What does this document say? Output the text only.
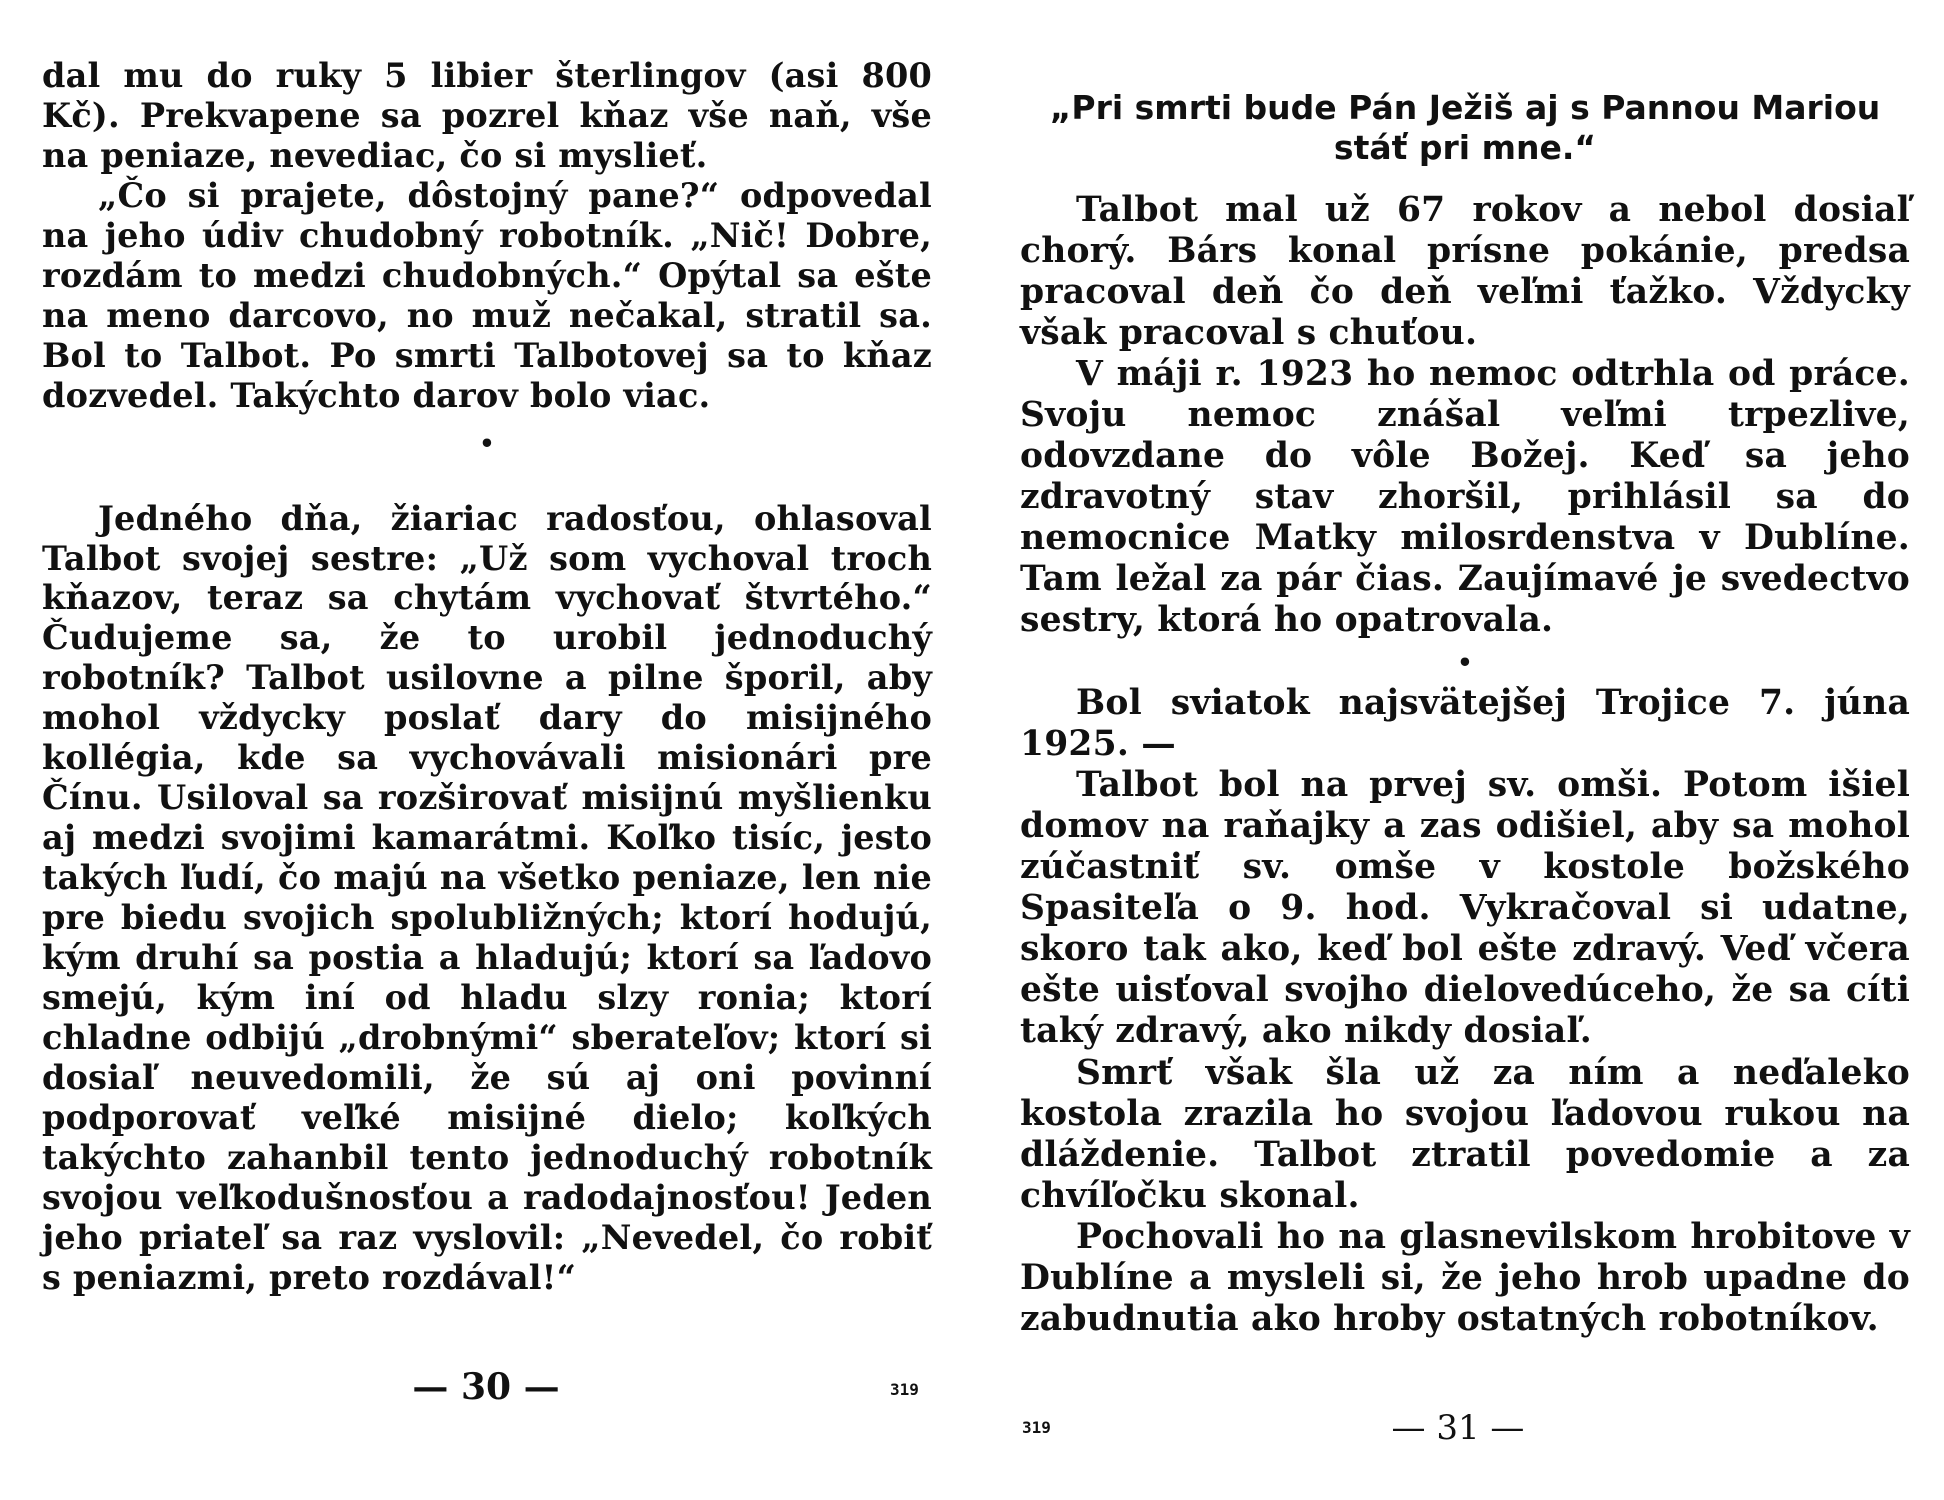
dal mu do ruky 5 libier šterlingov (asi 800

Kč). Prekvapene sa pozrel kňaz vše naň, vše

na peniaze, nevediac, čo si myslieť.

„Čo si prajete, dôstojný pane?“ odpovedal na jeho údiv chudobný robotník. „Nič! Dobre, rozdám to medzi chudobných.“ Opýtal sa ešte na meno darcovo, no muž nečakal, stratil sa. Bol to Talbot. Po smrti Talbotovej sa to kňaz dozvedel. Takýchto darov bolo viac.

•

Jedného dňa, žiariac radosťou, ohlasoval Talbot svojej sestre: „Už som vychoval troch kňazov, teraz sa chytám vychovať štvrtého.“ Čudujeme sa, že to urobil jednoduchý robotník? Talbot usilovne a pilne šporil, aby mohol vždycky poslať dary do misijného kollégia, kde sa vychovávali misionári pre Čínu. Usiloval sa rozširovať misijnú myšlienku aj medzi svojimi kamarátmi. Koľko tisíc, jesto takých ľudí, čo majú na všetko peniaze, len nie pre biedu svojich spolubližných; ktorí hodujú, kým druhí sa postia a hladujú; ktorí sa ľadovo smejú, kým iní od hladu slzy ronia; ktorí chladne odbijú „drobnými“ sberateľov; ktorí si dosiaľ neuvedomili, že sú aj oni povinní podporovať veľké misijné dielo; koľkých takýchto zahanbil tento jednoduchý robotník svojou veľkodušnosťou a radodajnosťou! Jeden jeho priateľ sa raz vyslovil: „Nevedel, čo robiť s peniazmi, preto rozdával!“

— 30 —	319

„Pri smrti bude Pán Ježiš aj s Pannou Mariou

stáť pri mne.“

Talbot mal už 67 rokov a nebol dosiaľ chorý. Bárs konal prísne pokánie, predsa pracoval deň čo deň veľmi ťažko. Vždycky však pracoval s chuťou.

V máji r. 1923 ho nemoc odtrhla od práce. Svoju nemoc znášal veľmi trpezlive, odovzdane do vôle Božej. Keď sa jeho zdravotný stav zhoršil, prihlásil sa do nemocnice Matky milosrdenstva v Dublíne. Tam ležal za pár čias. Zaujímavé je svedectvo sestry, ktorá ho opatrovala.

•

Bol sviatok najsvätejšej Trojice 7. júna 1925. —

Talbot bol na prvej sv. omši. Potom išiel domov na raňajky a zas odišiel, aby sa mohol zúčastniť sv. omše v kostole božského Spasiteľa o 9. hod. Vykračoval si udatne, skoro tak ako, keď bol ešte zdravý. Veď včera ešte uisťoval svojho dielovedúceho, že sa cíti taký zdravý, ako nikdy dosiaľ.

Smrť však šla už za ním a neďaleko kostola zrazila ho svojou ľadovou rukou na dláždenie. Talbot ztratil povedomie a za chvíľočku skonal.

Pochovali ho na glasnevilskom hrobitove v Dublíne a mysleli si, že jeho hrob upadne do zabudnutia ako hroby ostatných robotníkov.

319	— 31 —
